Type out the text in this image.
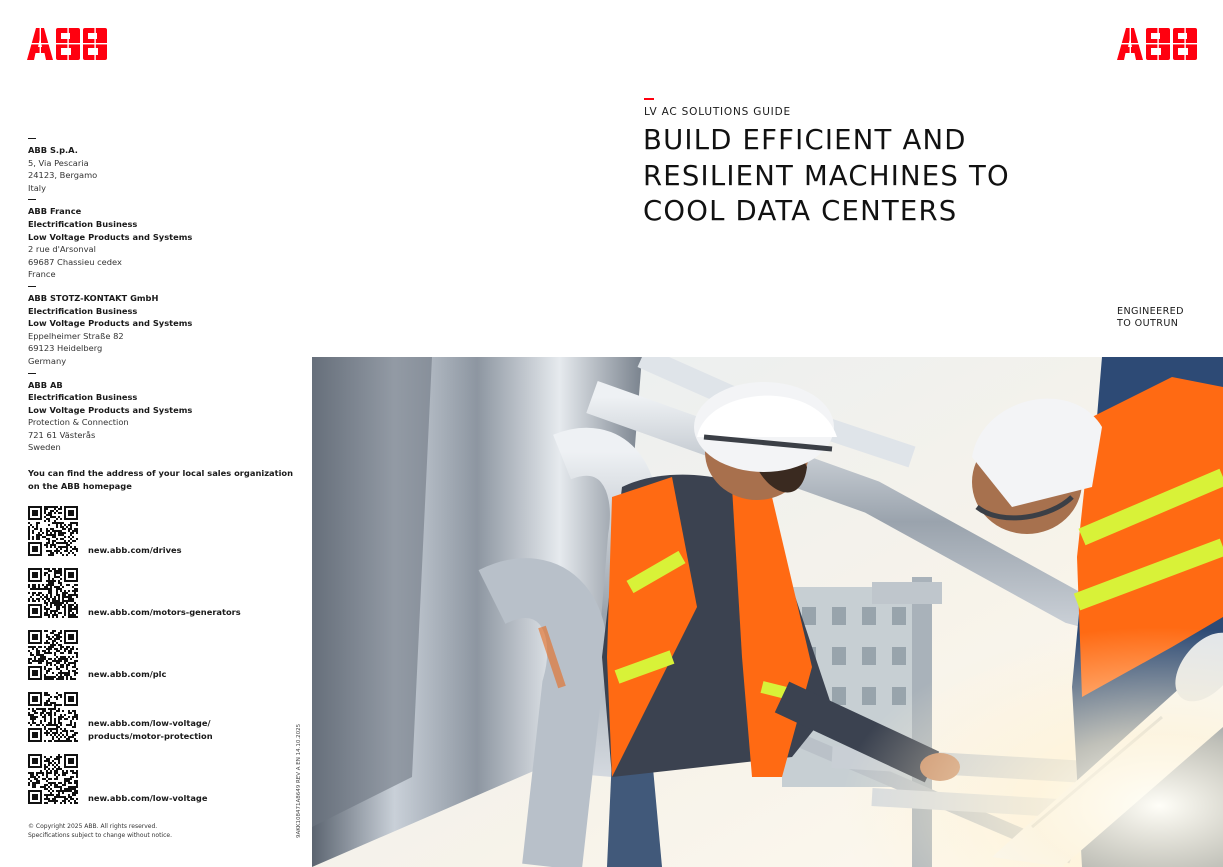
ABB S.p.A.
5, Via Pescaria
24123, Bergamo
Italy
ABB France
Electrification Business
Low Voltage Products and Systems
2 rue d'Arsonval
69687 Chassieu cedex
France
ABB STOTZ-KONTAKT GmbH
Electrification Business
Low Voltage Products and Systems
Eppelheimer Straße 82
69123 Heidelberg
Germany
ABB AB
Electrification Business
Low Voltage Products and Systems
Protection & Connection
721 61 Västerås
Sweden
You can find the address of your local sales organization
on the ABB homepage
new.abb.com/drives
new.abb.com/motors-generators
new.abb.com/plc
new.abb.com/low-voltage/
products/motor-protection
new.abb.com/low-voltage
© Copyright 2025 ABB. All rights reserved.
Specifications subject to change without notice.	9AKK108471A8649 REV A EN 14.10.2025
LV AC SOLUTIONS GUIDE
BUILD EFFICIENT AND
RESILIENT MACHINES TO
COOL DATA CENTERS
ENGINEERED
TO OUTRUN
